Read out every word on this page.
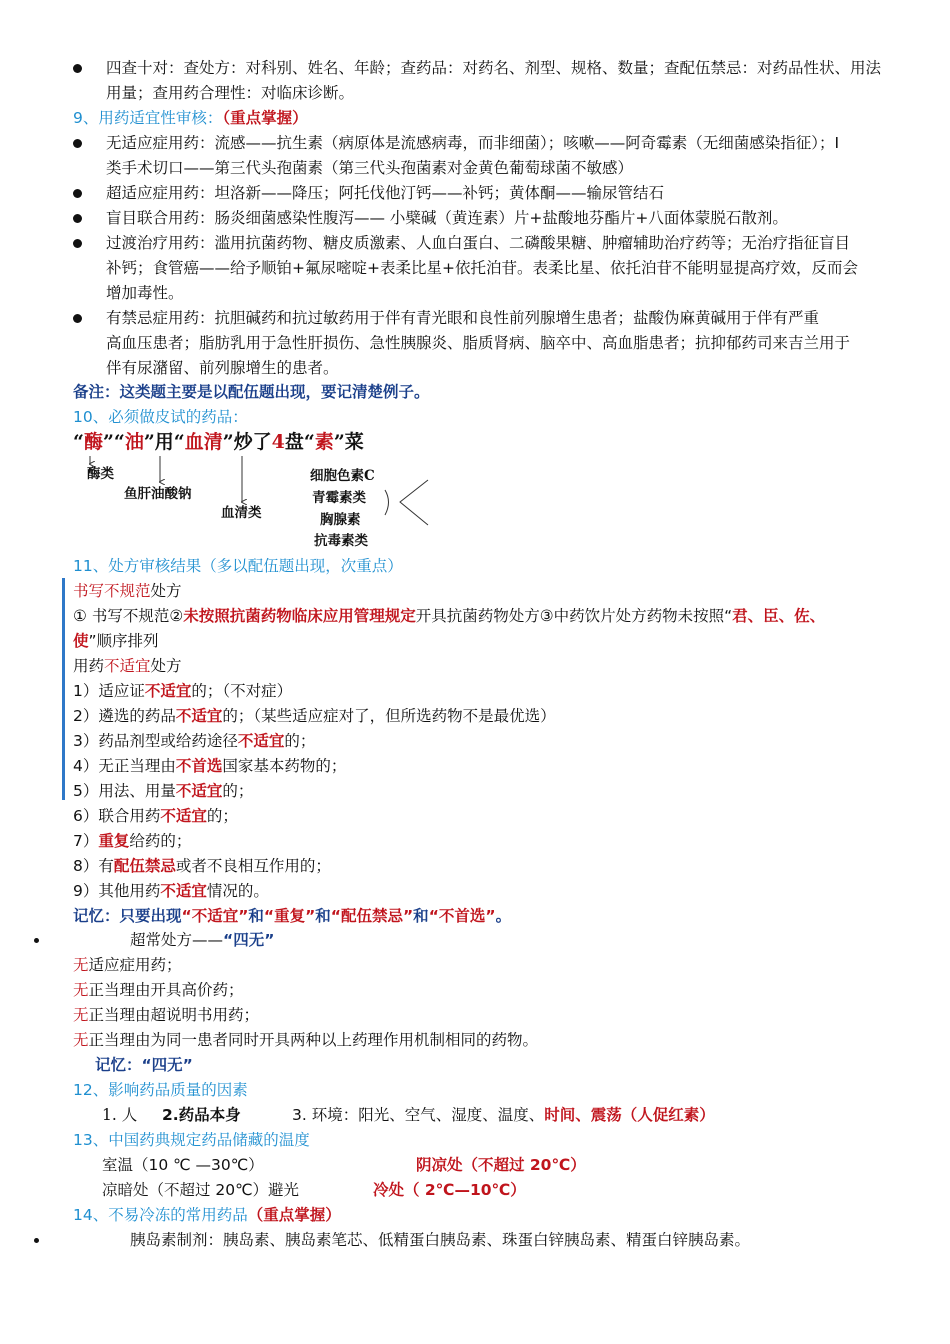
四查十对：查处方：对科别、姓名、年龄；查药品：对药名、剂型、规格、数量；查配伍禁忌：对药品性状、用法
用量；查用药合理性：对临床诊断。
9、用药适宜性审核：（重点掌握）
无适应症用药：流感——抗生素（病原体是流感病毒，而非细菌）；咳嗽——阿奇霉素（无细菌感染指征）；I
类手术切口——第三代头孢菌素（第三代头孢菌素对金黄色葡萄球菌不敏感）
超适应症用药：坦洛新——降压；阿托伐他汀钙——补钙；黄体酮——输尿管结石
盲目联合用药：肠炎细菌感染性腹泻—— 小檗碱（黄连素）片+盐酸地芬酯片+八面体蒙脱石散剂。
过渡治疗用药：滥用抗菌药物、糖皮质激素、人血白蛋白、二磷酸果糖、肿瘤辅助治疗药等；无治疗指征盲目
补钙；食管癌——给予顺铂+氟尿嘧啶+表柔比星+依托泊苷。表柔比星、依托泊苷不能明显提高疗效，反而会
增加毒性。
有禁忌症用药：抗胆碱药和抗过敏药用于伴有青光眼和良性前列腺增生患者；盐酸伪麻黄碱用于伴有严重
高血压患者；脂肪乳用于急性肝损伤、急性胰腺炎、脂质肾病、脑卒中、高血脂患者；抗抑郁药司来吉兰用于
伴有尿潴留、前列腺增生的患者。
备注：这类题主要是以配伍题出现，要记清楚例子。
10、必须做皮试的药品：
“酶”“油”用“血清”炒了4盘“素”菜
酶类
鱼肝油酸钠
血清类
细胞色素C
青霉素类
胸腺素
抗毒素类
11、处方审核结果（多以配伍题出现，次重点）
书写不规范处方
① 书写不规范②未按照抗菌药物临床应用管理规定开具抗菌药物处方③中药饮片处方药物未按照“君、臣、佐、
使”顺序排列
用药不适宜处方
1）适应证不适宜的；（不对症）
2）遴选的药品不适宜的；（某些适应症对了，但所选药物不是最优选）
3）药品剂型或给药途径不适宜的；
4）无正当理由不首选国家基本药物的；
5）用法、用量不适宜的；
6）联合用药不适宜的；
7）重复给药的；
8）有配伍禁忌或者不良相互作用的；
9）其他用药不适宜情况的。
记忆：只要出现“不适宜”和“重复”和“配伍禁忌”和“不首选”。
超常处方——“四无”
无适应症用药；
无正当理由开具高价药；
无正当理由超说明书用药；
无正当理由为同一患者同时开具两种以上药理作用机制相同的药物。
记忆：“四无”
12、影响药品质量的因素
1. 人 2.药品本身	3. 环境：阳光、空气、湿度、温度、时间、震荡（人促红素）
13、中国药典规定药品储藏的温度
室温（10 ℃ —30℃）	阴凉处（不超过 20℃）
凉暗处（不超过 20℃）避光	冷处（ 2℃—10℃）
14、不易冷冻的常用药品（重点掌握）
胰岛素制剂：胰岛素、胰岛素笔芯、低精蛋白胰岛素、珠蛋白锌胰岛素、精蛋白锌胰岛素。
